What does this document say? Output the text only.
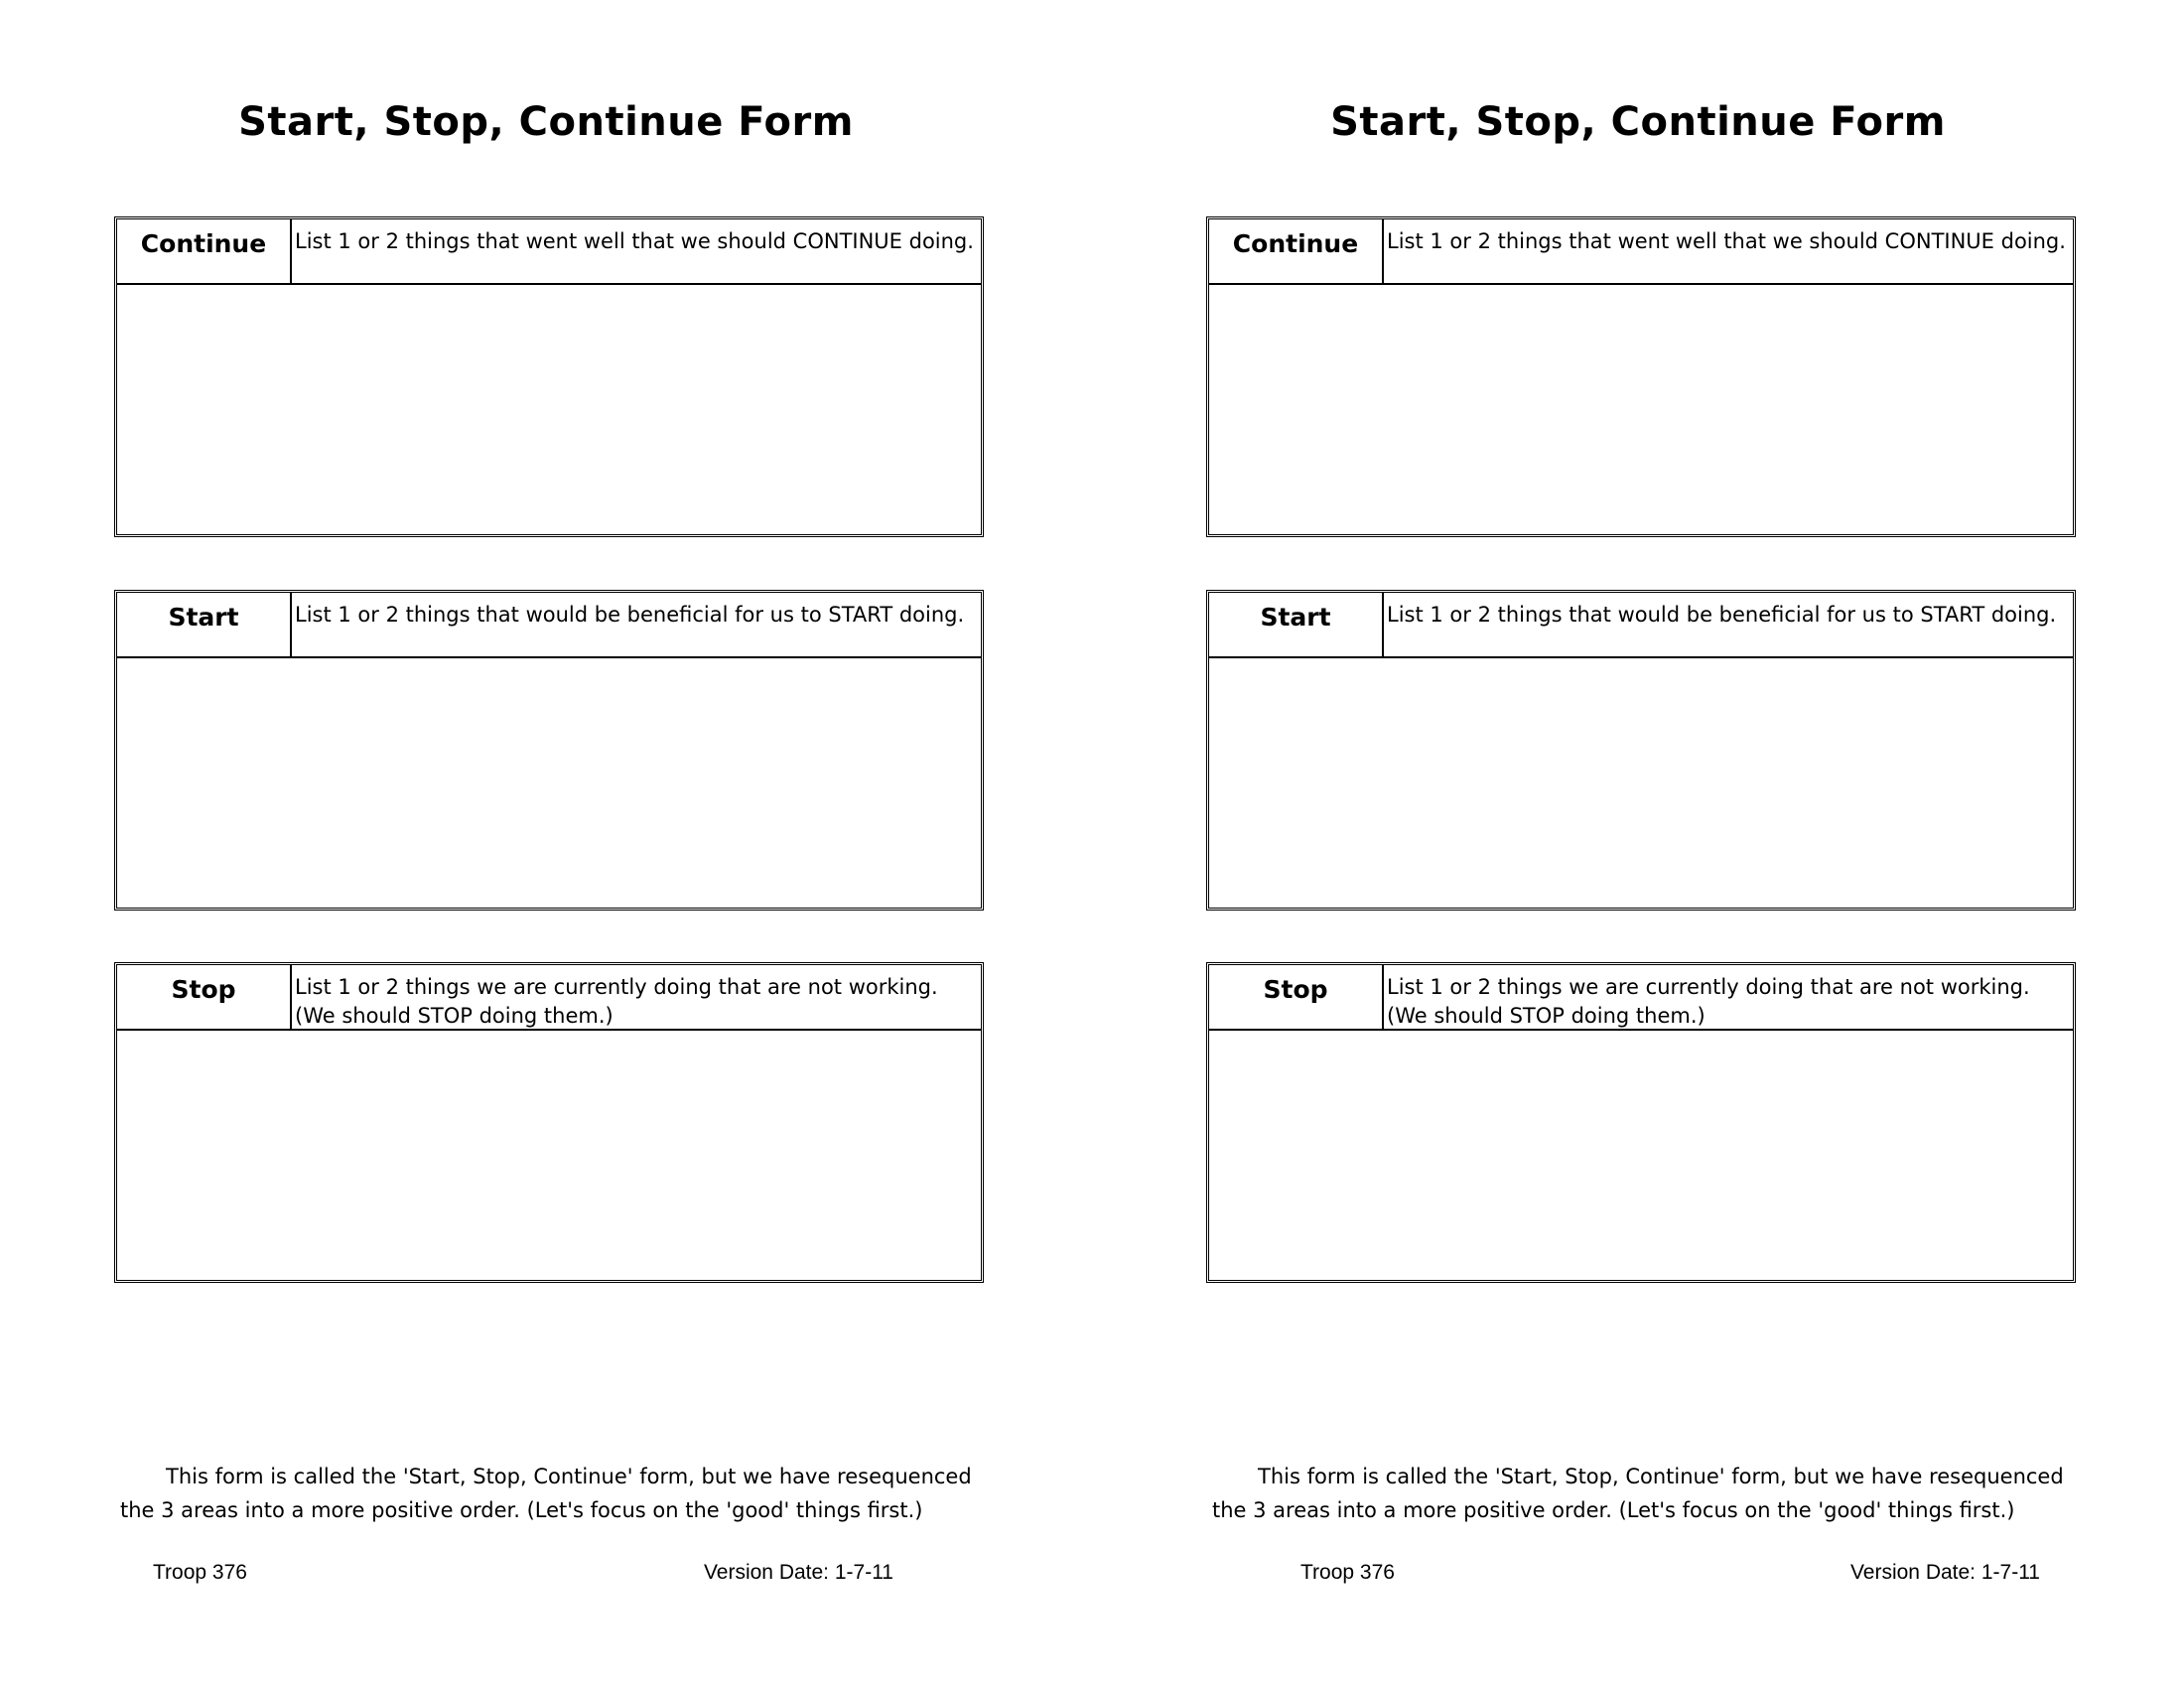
Start, Stop, Continue Form
Continue	List 1 or 2 things that went well that we should CONTINUE doing.
Start	List 1 or 2 things that would be beneficial for us to START doing.
Stop	List 1 or 2 things we are currently doing that are not working. (We should STOP doing them.)
This form is called the 'Start, Stop, Continue' form, but we have resequenced the 3 areas into a more positive order. (Let's focus on the 'good' things first.)
Troop 376	Version Date: 1-7-11
Start, Stop, Continue Form
Continue	List 1 or 2 things that went well that we should CONTINUE doing.
Start	List 1 or 2 things that would be beneficial for us to START doing.
Stop	List 1 or 2 things we are currently doing that are not working. (We should STOP doing them.)
This form is called the 'Start, Stop, Continue' form, but we have resequenced the 3 areas into a more positive order. (Let's focus on the 'good' things first.)
Troop 376	Version Date: 1-7-11
